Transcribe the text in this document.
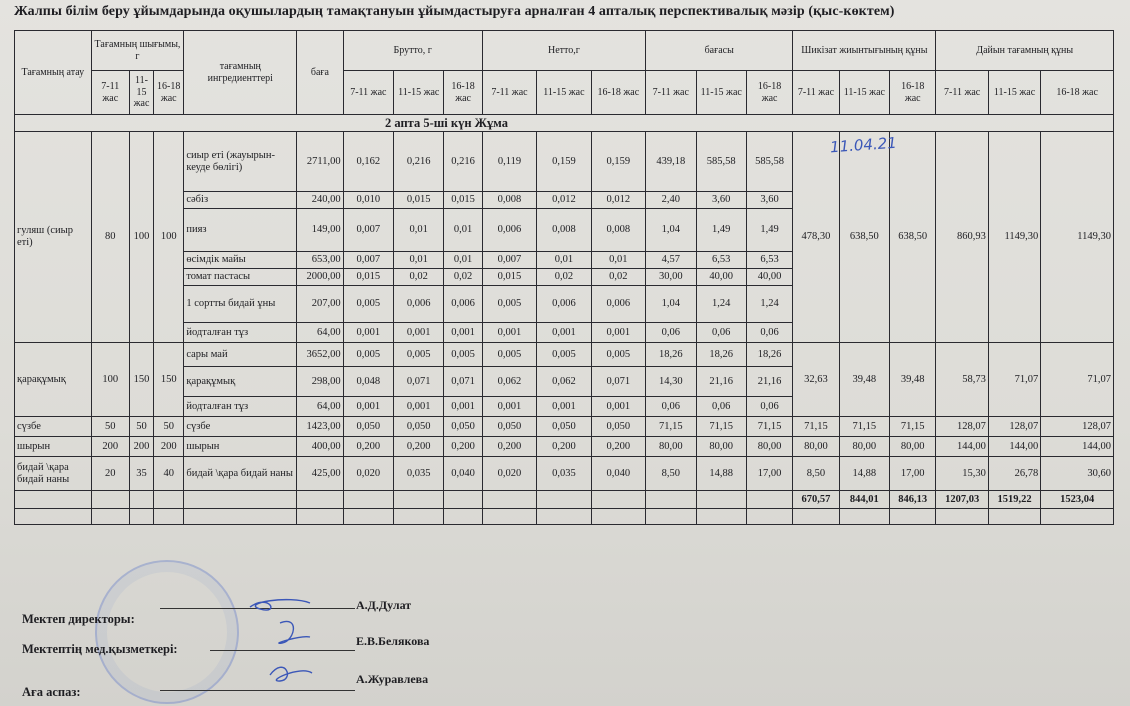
Жалпы білім беру ұйымдарында оқушылардың тамақтануын ұйымдастыруға арналған 4 апталық перспективалық мәзір (қыс-көктем)
Тағамның атау	Тағамның шығымы, г			тағамның ингредиенттері	баға	Брутто, г			Нетто,г			бағасы			Шикізат жиынтығының құны			Дайын тағамның құны		
	7-11 жас	11-15 жас	16-18 жас			7-11 жас	11-15 жас	16-18 жас	7-11 жас	11-15 жас	16-18 жас	7-11 жас	11-15 жас	16-18 жас	7-11 жас	11-15 жас	16-18 жас	7-11 жас	11-15 жас	16-18 жас
2 апта 5-ші күн Жұма																				
гуляш (сиыр еті)	80	100	100	сиыр еті (жауырын-кеуде бөлігі)	2711,00	0,162	0,216	0,216	0,119	0,159	0,159	439,18	585,58	585,58	478,30	638,50	638,50	860,93	1149,30	1149,30
				сәбіз	240,00	0,010	0,015	0,015	0,008	0,012	0,012	2,40	3,60	3,60						
				пияз	149,00	0,007	0,01	0,01	0,006	0,008	0,008	1,04	1,49	1,49						
				өсімдік майы	653,00	0,007	0,01	0,01	0,007	0,01	0,01	4,57	6,53	6,53						
				томат пастасы	2000,00	0,015	0,02	0,02	0,015	0,02	0,02	30,00	40,00	40,00						
				1 сортты бидай ұны	207,00	0,005	0,006	0,006	0,005	0,006	0,006	1,04	1,24	1,24						
				йодталған тұз	64,00	0,001	0,001	0,001	0,001	0,001	0,001	0,06	0,06	0,06						
қарақұмық	100	150	150	сары май	3652,00	0,005	0,005	0,005	0,005	0,005	0,005	18,26	18,26	18,26	32,63	39,48	39,48	58,73	71,07	71,07
				қарақұмық	298,00	0,048	0,071	0,071	0,062	0,062	0,071	14,30	21,16	21,16						
				йодталған тұз	64,00	0,001	0,001	0,001	0,001	0,001	0,001	0,06	0,06	0,06						
сүзбе	50	50	50	сүзбе	1423,00	0,050	0,050	0,050	0,050	0,050	0,050	71,15	71,15	71,15	71,15	71,15	71,15	128,07	128,07	128,07
шырын	200	200	200	шырын	400,00	0,200	0,200	0,200	0,200	0,200	0,200	80,00	80,00	80,00	80,00	80,00	80,00	144,00	144,00	144,00
бидай \қара бидай наны	20	35	40	бидай \қара бидай наны	425,00	0,020	0,035	0,040	0,020	0,035	0,040	8,50	14,88	17,00	8,50	14,88	17,00	15,30	26,78	30,60
															670,57	844,01	846,13	1207,03	1519,22	1523,04

11.04.21
Мектеп директоры:
А.Д.Дулат
Мектептің мед.қызметкері:
Е.В.Белякова
Аға аспаз:
А.Журавлева
